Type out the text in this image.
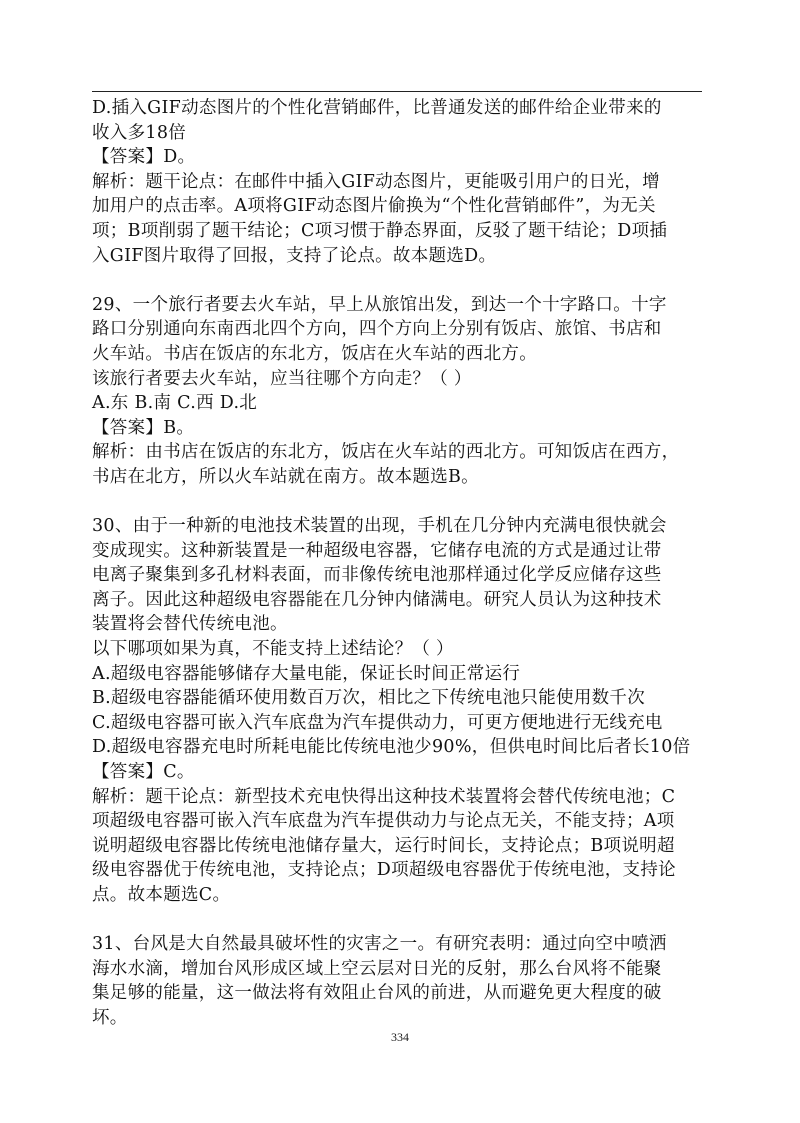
D.插入GIF动态图片的个性化营销邮件，比普通发送的邮件给企业带来的
收入多18倍
【答案】D。
解析：题干论点：在邮件中插入GIF动态图片，更能吸引用户的日光，增
加用户的点击率。A项将GIF动态图片偷换为“个性化营销邮件”，为无关
项；B项削弱了题干结论；C项习惯于静态界面，反驳了题干结论；D项插
入GIF图片取得了回报，支持了论点。故本题选D。
29、一个旅行者要去火车站，早上从旅馆出发，到达一个十字路口。十字
路口分别通向东南西北四个方向，四个方向上分别有饭店、旅馆、书店和
火车站。书店在饭店的东北方，饭店在火车站的西北方。
该旅行者要去火车站，应当往哪个方向走？（ ）
A.东 B.南 C.西 D.北
【答案】B。
解析：由书店在饭店的东北方，饭店在火车站的西北方。可知饭店在西方，
书店在北方，所以火车站就在南方。故本题选B。
30、由于一种新的电池技术装置的出现，手机在几分钟内充满电很快就会
变成现实。这种新装置是一种超级电容器，它储存电流的方式是通过让带
电离子聚集到多孔材料表面，而非像传统电池那样通过化学反应储存这些
离子。因此这种超级电容器能在几分钟内储满电。研究人员认为这种技术
装置将会替代传统电池。
以下哪项如果为真，不能支持上述结论？（ ）
A.超级电容器能够储存大量电能，保证长时间正常运行
B.超级电容器能循环使用数百万次，相比之下传统电池只能使用数千次
C.超级电容器可嵌入汽车底盘为汽车提供动力，可更方便地进行无线充电
D.超级电容器充电时所耗电能比传统电池少90%，但供电时间比后者长10倍
【答案】C。
解析：题干论点：新型技术充电快得出这种技术装置将会替代传统电池；C
项超级电容器可嵌入汽车底盘为汽车提供动力与论点无关，不能支持；A项
说明超级电容器比传统电池储存量大，运行时间长，支持论点；B项说明超
级电容器优于传统电池，支持论点；D项超级电容器优于传统电池，支持论
点。故本题选C。
31、台风是大自然最具破坏性的灾害之一。有研究表明：通过向空中喷洒
海水水滴，增加台风形成区域上空云层对日光的反射，那么台风将不能聚
集足够的能量，这一做法将有效阻止台风的前进，从而避免更大程度的破
坏。
334
